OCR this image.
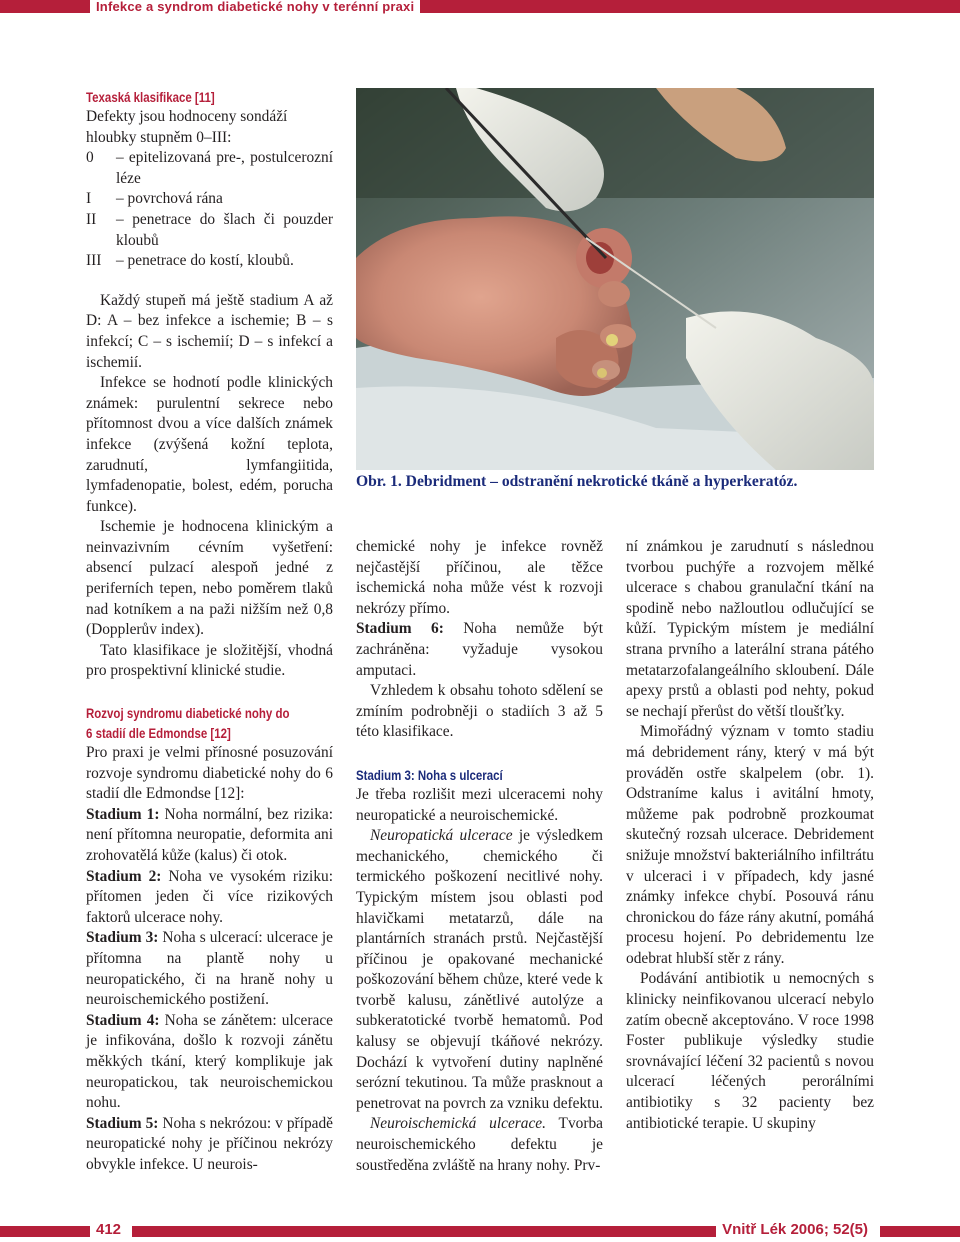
Infekce a syndrom diabetické nohy v terénní praxi
Texaská klasifikace [11]

Defekty jsou hodnoceny sondáží hloubky stupněm 0–III:

0	– epitelizovaná pre-, postulcerozní léze
I	– povrchová rána
II	– penetrace do šlach či pouzder kloubů
III – penetrace do kostí, kloubů.

Každý stupeň má ještě stadium A až D: A – bez infekce a ischemie; B – s infekcí; C – s ischemií; D – s infekcí a ischemií.

Infekce se hodnotí podle klinických známek: purulentní sekrece nebo přítomnost dvou a více dalších známek infekce (zvýšená kožní teplota, zarudnutí, lymfangiitida, lymfadenopatie, bolest, edém, porucha funkce).

Ischemie je hodnocena klinickým a neinvazivním cévním vyšetření: absencí pulzací alespoň jedné z periferních tepen, nebo poměrem tlaků nad kotníkem a na paži nižším než 0,8 (Dopplerův index).

Tato klasifikace je složitější, vhodná pro prospektivní klinické studie.

Rozvoj syndromu diabetické nohy do
6 stadií dle Edmondse [12]

Pro praxi je velmi přínosné posuzování rozvoje syndromu diabetické nohy do 6 stadií dle Edmondse [12]:

Stadium 1: Noha normální, bez rizika: není přítomna neuropatie, deformita ani zrohovatělá kůže (kalus) či otok.

Stadium 2: Noha ve vysokém riziku: přítomen jeden či více rizikových faktorů ulcerace nohy.

Stadium 3: Noha s ulcerací: ulcerace je přítomna na plantě nohy u neuropatického, či na hraně nohy u neuroischemického postižení.

Stadium 4: Noha se zánětem: ulcerace je infikována, došlo k rozvoji zánětu měkkých tkání, který komplikuje jak neuropatickou, tak neuroischemickou nohu.

Stadium 5: Noha s nekrózou: v případě neuropatické nohy je příčinou nekrózy obvykle infekce. U neurois-

Obr. 1. Debridment – odstranění nekrotické tkáně a hyperkeratóz.

chemické nohy je infekce rovněž nejčastější příčinou, ale těžce ischemická noha může vést k rozvoji nekrózy přímo.

Stadium 6: Noha nemůže být zachráněna: vyžaduje vysokou amputaci.

Vzhledem k obsahu tohoto sdělení se zmíním podrobněji o stadiích 3 až 5 této klasifikace.

Stadium 3: Noha s ulcerací

Je třeba rozlišit mezi ulceracemi nohy neuropatické a neuroischemické.

Neuropatická ulcerace je výsledkem mechanického, chemického či termického poškození necitlivé nohy. Typickým místem jsou oblasti pod hlavičkami metatarzů, dále na plantárních stranách prstů. Nejčastější příčinou je opakované mechanické poškozování během chůze, které vede k tvorbě kalusu, zánětlivé autolýze a subkeratotické tvorbě hematomů. Pod kalusy se objevují tkáňové nekrózy. Dochází k vytvoření dutiny naplněné serózní tekutinou. Ta může prasknout a penetrovat na povrch za vzniku defektu.

Neuroischemická ulcerace. Tvorba neuroischemického defektu je soustředěna zvláště na hrany nohy. Prv-

ní známkou je zarudnutí s následnou tvorbou puchýře a rozvojem mělké ulcerace s chabou granulační tkání na spodině nebo nažloutlou odlučující se kůží. Typickým místem je mediální strana prvního a laterální strana pátého metatarzofalangeálního skloubení. Dále apexy prstů a oblasti pod nehty, pokud se nechají přerůst do větší tloušťky.

Mimořádný význam v tomto stadiu má debridement rány, který v má být prováděn ostře skalpelem (obr. 1). Odstraníme kalus i avitální hmoty, můžeme pak podrobně prozkoumat skutečný rozsah ulcerace. Debridement snižuje množství bakteriálního infiltrátu v ulceraci i v případech, kdy jasné známky infekce chybí. Posouvá ránu chronickou do fáze rány akutní, pomáhá procesu hojení. Po debridementu lze odebrat hlubší stěr z rány.

Podávání antibiotik u nemocných s klinicky neinfikovanou ulcerací nebylo zatím obecně akceptováno. V roce 1998 Foster publikuje výsledky studie srovnávající léčení 32 pacientů s novou ulcerací léčených perorálními antibiotiky s 32 pacienty bez antibiotické terapie. U skupiny

412	Vnitř Lék 2006; 52(5)
